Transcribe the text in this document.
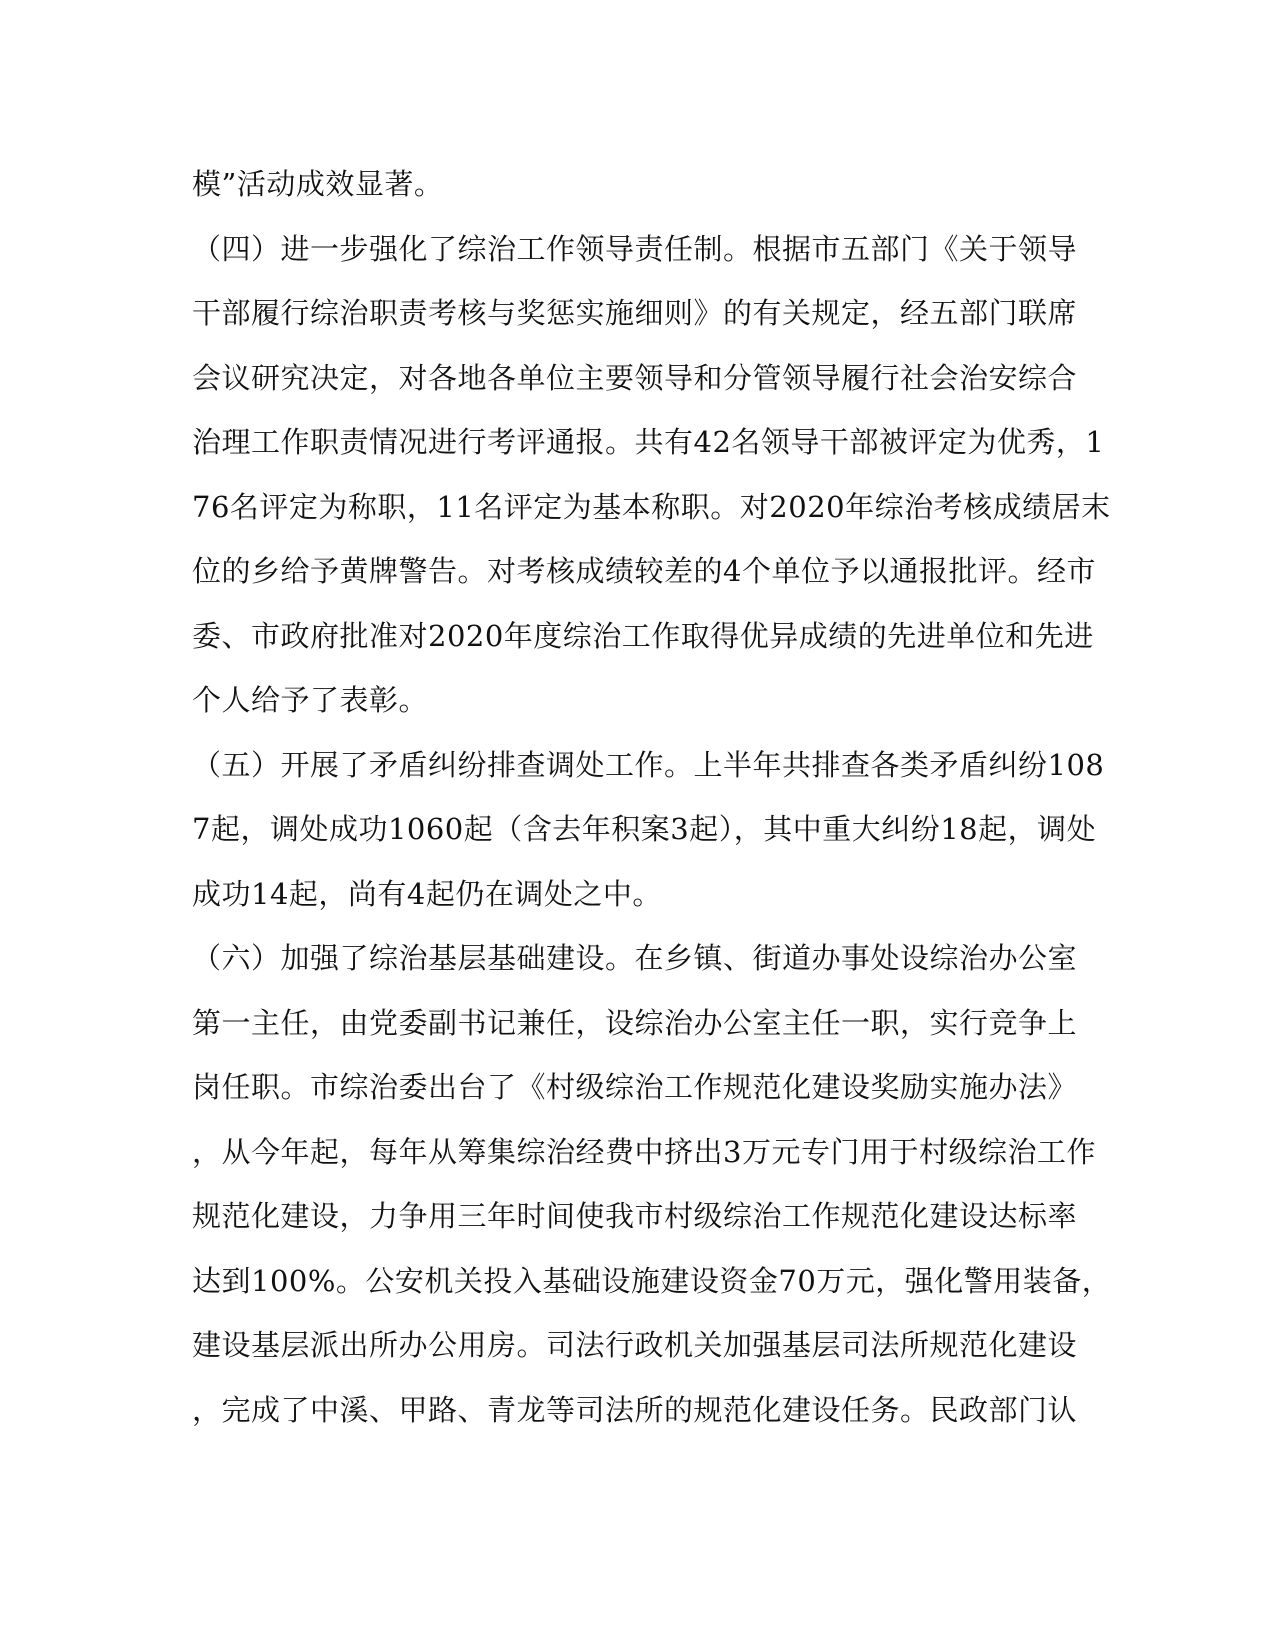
模”活动成效显著。
（四）进一步强化了综治工作领导责任制。根据市五部门《关于领导
干部履行综治职责考核与奖惩实施细则》的有关规定，经五部门联席
会议研究决定，对各地各单位主要领导和分管领导履行社会治安综合
治理工作职责情况进行考评通报。共有42名领导干部被评定为优秀，1
76名评定为称职，11名评定为基本称职。对2020年综治考核成绩居末
位的乡给予黄牌警告。对考核成绩较差的4个单位予以通报批评。经市
委、市政府批准对2020年度综治工作取得优异成绩的先进单位和先进
个人给予了表彰。
（五）开展了矛盾纠纷排查调处工作。上半年共排查各类矛盾纠纷108
7起，调处成功1060起（含去年积案3起），其中重大纠纷18起，调处
成功14起，尚有4起仍在调处之中。
（六）加强了综治基层基础建设。在乡镇、街道办事处设综治办公室
第一主任，由党委副书记兼任，设综治办公室主任一职，实行竞争上
岗任职。市综治委出台了《村级综治工作规范化建设奖励实施办法》
，从今年起，每年从筹集综治经费中挤出3万元专门用于村级综治工作
规范化建设，力争用三年时间使我市村级综治工作规范化建设达标率
达到100%。公安机关投入基础设施建设资金70万元，强化警用装备，
建设基层派出所办公用房。司法行政机关加强基层司法所规范化建设
，完成了中溪、甲路、青龙等司法所的规范化建设任务。民政部门认
